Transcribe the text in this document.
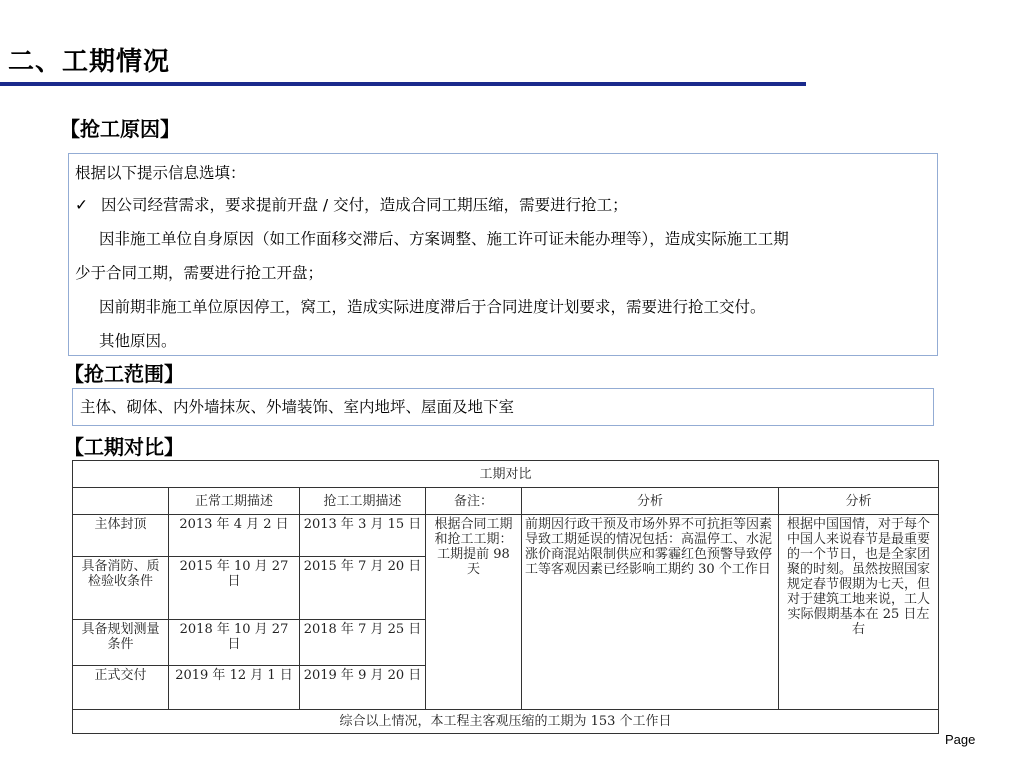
二、工期情况
【抢工原因】
根据以下提示信息选填：
✓ 因公司经营需求，要求提前开盘 / 交付，造成合同工期压缩，需要进行抢工；
因非施工单位自身原因（如工作面移交滞后、方案调整、施工许可证未能办理等），造成实际施工工期
少于合同工期，需要进行抢工开盘；
因前期非施工单位原因停工，窝工，造成实际进度滞后于合同进度计划要求，需要进行抢工交付。
其他原因。
【抢工范围】
主体、砌体、内外墙抹灰、外墙装饰、室内地坪、屋面及地下室
【工期对比】
工期对比					
	正常工期描述	抢工工期描述	备注：	分析	分析
主体封顶	2013 年 4 月 2 日	2013 年 3 月 15 日	根据合同工期和抢工工期：工期提前 98 天	前期因行政干预及市场外界不可抗拒等因素导致工期延误的情况包括：高温停工、水泥涨价商混站限制供应和雾霾红色预警导致停工等客观因素已经影响工期约 30 个工作日	根据中国国情，对于每个中国人来说春节是最重要的一个节日，也是全家团聚的时刻。虽然按照国家规定春节假期为七天，但对于建筑工地来说，工人实际假期基本在 25 日左右
具备消防、质检验收条件	2015 年 10 月 27 日	2015 年 7 月 20 日			
具备规划测量条件	2018 年 10 月 27 日	2018 年 7 月 25 日			
正式交付	2019 年 12 月 1 日	2019 年 9 月 20 日			
综合以上情况，本工程主客观压缩的工期为 153 个工作日					
Page
